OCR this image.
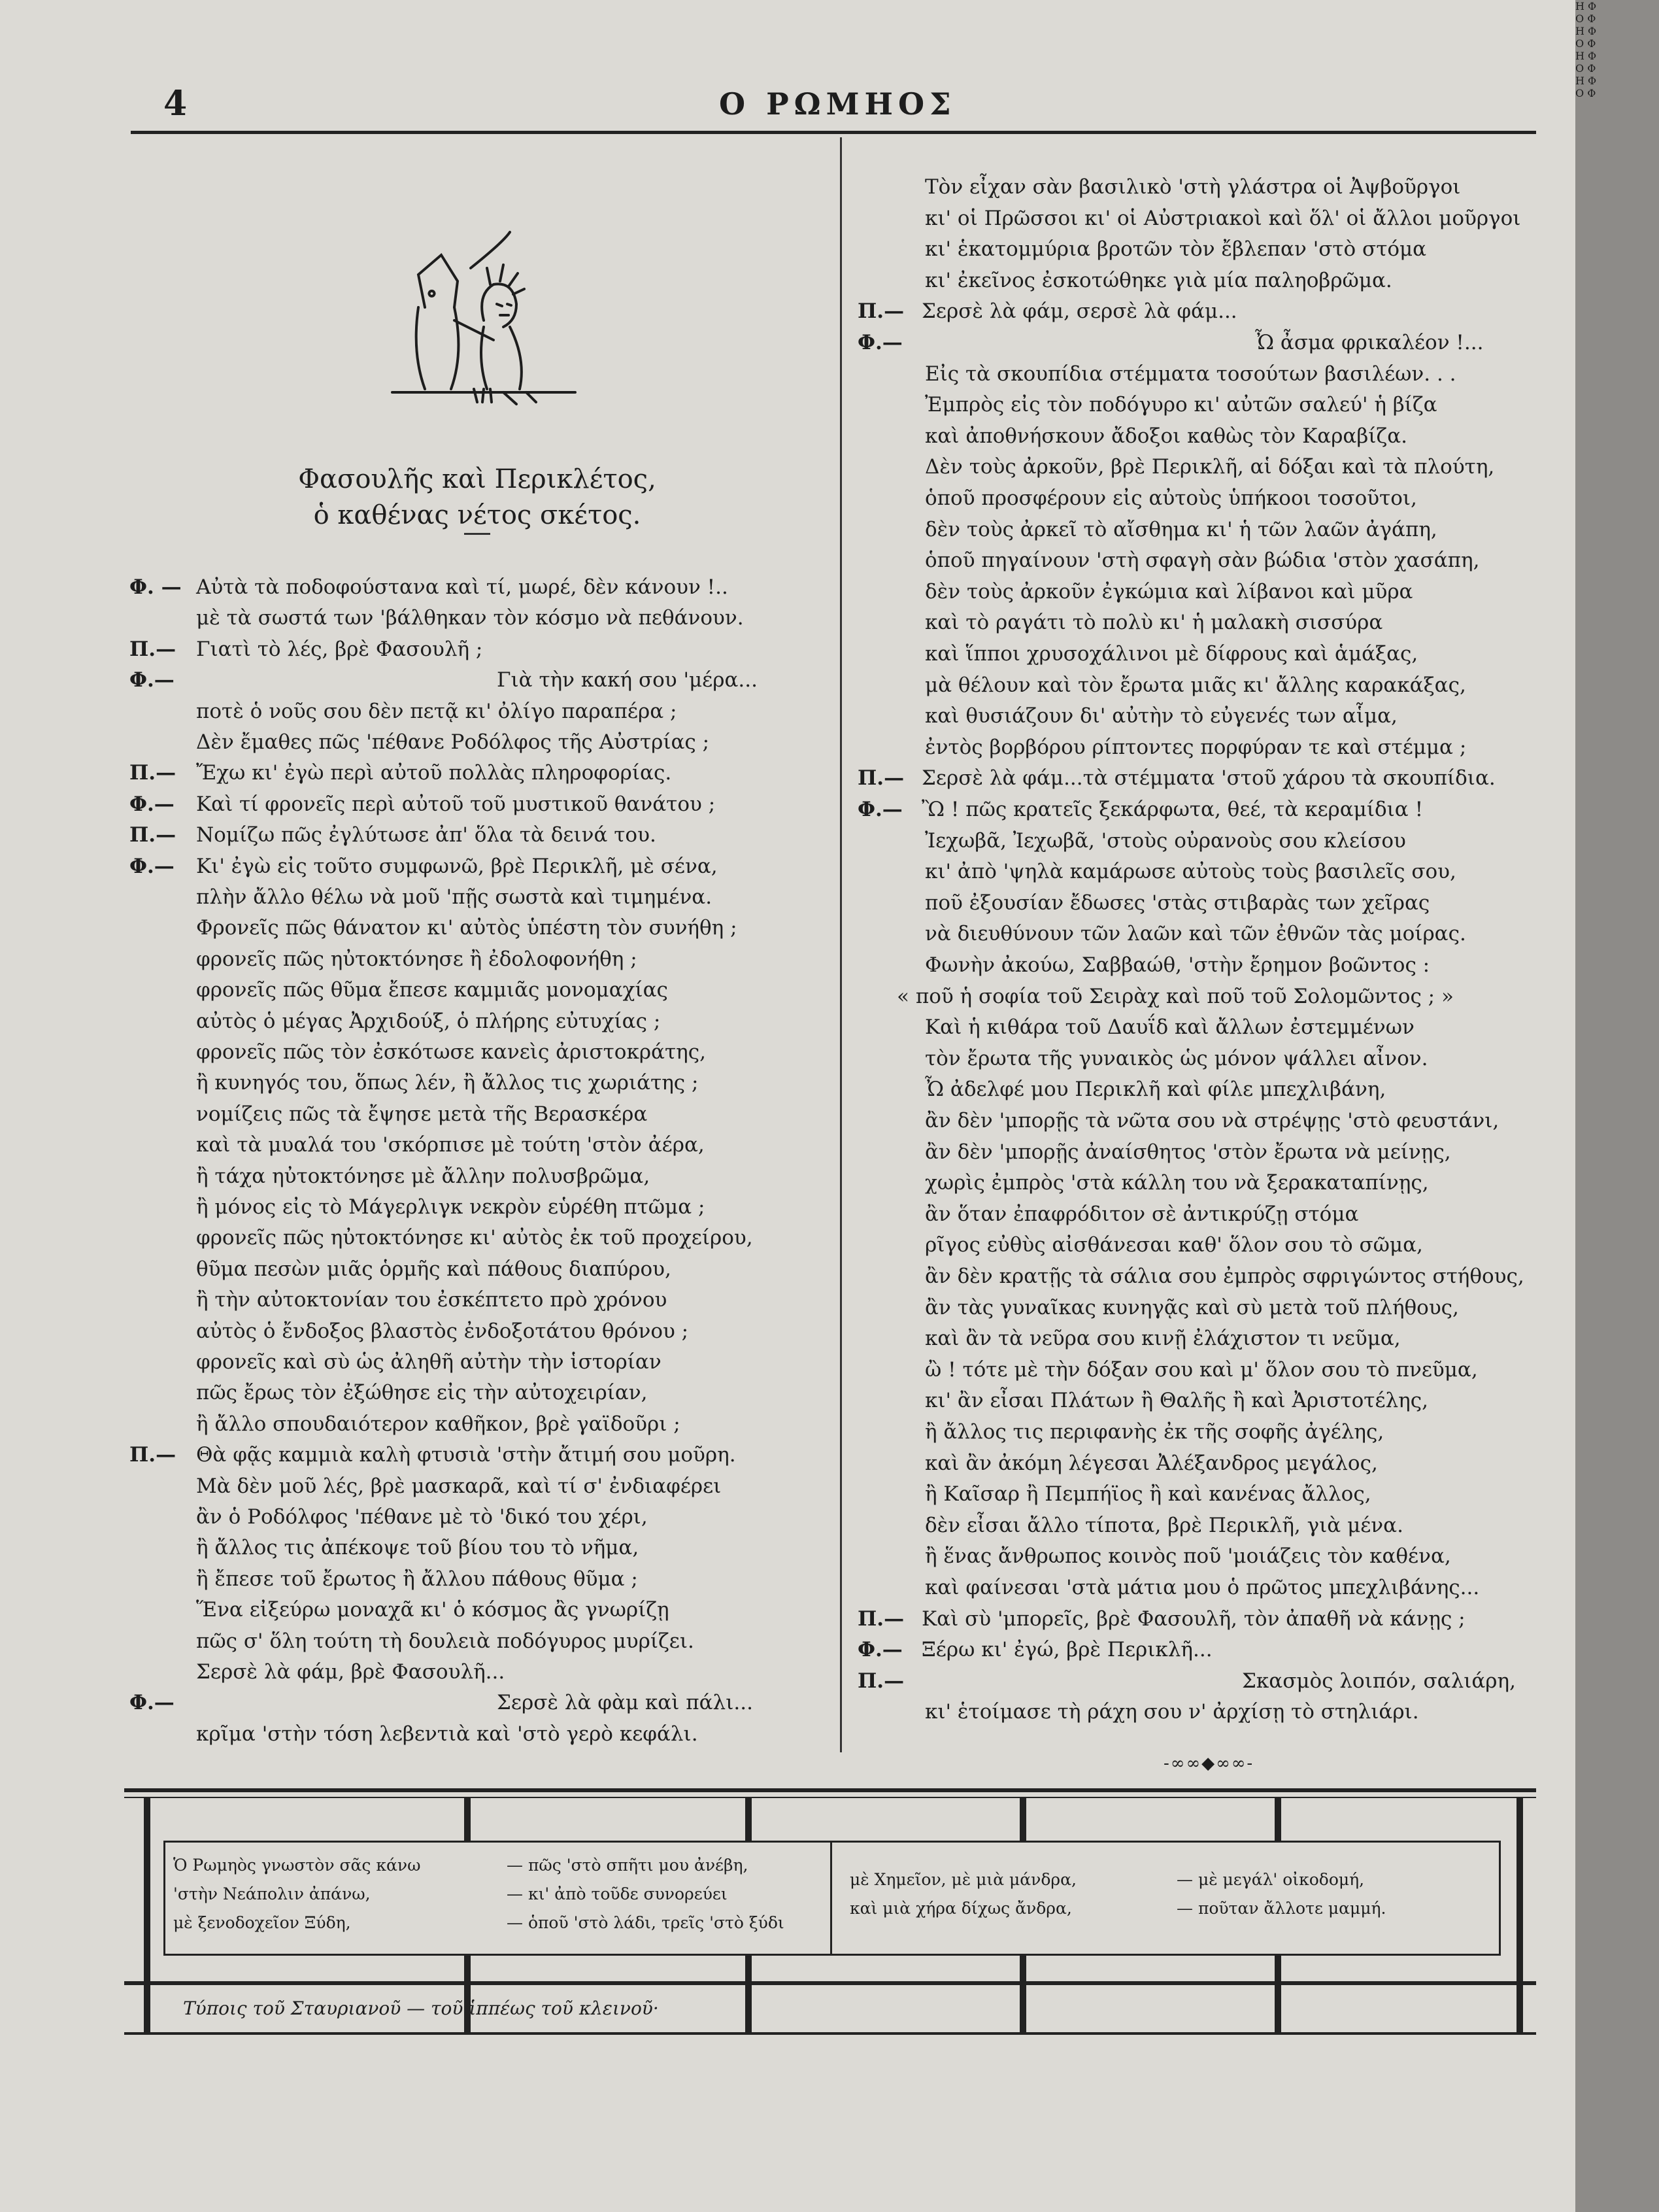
Η Φ
Ο Φ
Η Φ
Ο Φ
Η Φ
Ο Φ
Η Φ
Ο Φ
4	Ο ΡΩΜΗΟΣ
Φασουλῆς καὶ Περικλέτος,
ὁ καθένας νέτος σκέτος.
Φ. — Αὐτὰ τὰ ποδοφούστανα καὶ τί, μωρέ, δὲν κάνουν !..
μὲ τὰ σωστά των 'βάλθηκαν τὸν κόσμο νὰ πεθάνουν.
Π.— Γιατὶ τὸ λές, βρὲ Φασουλῆ ;
Φ.—	Γιὰ τὴν κακή σου 'μέρα...
ποτὲ ὁ νοῦς σου δὲν πετᾷ κι' ὀλίγο παραπέρα ;
Δὲν ἔμαθες πῶς 'πέθανε Ροδόλφος τῆς Αὐστρίας ;
Π.— Ἔχω κι' ἐγὼ περὶ αὐτοῦ πολλὰς πληροφορίας.
Φ.— Καὶ τί φρονεῖς περὶ αὐτοῦ τοῦ μυστικοῦ θανάτου ;
Π.— Νομίζω πῶς ἐγλύτωσε ἀπ' ὅλα τὰ δεινά του.
Φ.— Κι' ἐγὼ εἰς τοῦτο συμφωνῶ, βρὲ Περικλῆ, μὲ σένα,
πλὴν ἄλλο θέλω νὰ μοῦ 'πῇς σωστὰ καὶ τιμημένα.
Φρονεῖς πῶς θάνατον κι' αὐτὸς ὑπέστη τὸν συνήθη ;
φρονεῖς πῶς ηὐτοκτόνησε ἢ ἐδολοφονήθη ;
φρονεῖς πῶς θῦμα ἔπεσε καμμιᾶς μονομαχίας
αὐτὸς ὁ μέγας Ἀρχιδούξ, ὁ πλήρης εὐτυχίας ;
φρονεῖς πῶς τὸν ἐσκότωσε κανεὶς ἀριστοκράτης,
ἢ κυνηγός του, ὅπως λέν, ἢ ἄλλος τις χωριάτης ;
νομίζεις πῶς τὰ ἔψησε μετὰ τῆς Βερασκέρα
καὶ τὰ μυαλά του 'σκόρπισε μὲ τούτη 'στὸν ἀέρα,
ἢ τάχα ηὐτοκτόνησε μὲ ἄλλην πολυσβρῶμα,
ἢ μόνος εἰς τὸ Μάγερλιγκ νεκρὸν εὑρέθη πτῶμα ;
φρονεῖς πῶς ηὐτοκτόνησε κι' αὐτὸς ἐκ τοῦ προχείρου,
θῦμα πεσὼν μιᾶς ὁρμῆς καὶ πάθους διαπύρου,
ἢ τὴν αὐτοκτονίαν του ἐσκέπτετο πρὸ χρόνου
αὐτὸς ὁ ἔνδοξος βλαστὸς ἐνδοξοτάτου θρόνου ;
φρονεῖς καὶ σὺ ὡς ἀληθῆ αὐτὴν τὴν ἱστορίαν
πῶς ἔρως τὸν ἐξώθησε εἰς τὴν αὐτοχειρίαν,
ἢ ἄλλο σπουδαιότερον καθῆκον, βρὲ γαϊδοῦρι ;
Π.— Θὰ φᾷς καμμιὰ καλὴ φτυσιὰ 'στὴν ἄτιμή σου μοῦρη.
Μὰ δὲν μοῦ λές, βρὲ μασκαρᾶ, καὶ τί σ' ἐνδιαφέρει
ἂν ὁ Ροδόλφος 'πέθανε μὲ τὸ 'δικό του χέρι,
ἢ ἄλλος τις ἀπέκοψε τοῦ βίου του τὸ νῆμα,
ἢ ἔπεσε τοῦ ἔρωτος ἢ ἄλλου πάθους θῦμα ;
Ἕνα εἰξεύρω μοναχᾶ κι' ὁ κόσμος ἂς γνωρίζῃ
πῶς σ' ὅλη τούτη τὴ δουλειὰ ποδόγυρος μυρίζει.
Σερσὲ λὰ φάμ, βρὲ Φασουλῆ...
Φ.—	Σερσὲ λὰ φὰμ καὶ πάλι...
κρῖμα 'στὴν τόση λεβεντιὰ καὶ 'στὸ γερὸ κεφάλι.
Τὸν εἶχαν σὰν βασιλικὸ 'στὴ γλάστρα οἱ Ἀψβοῦργοι
κι' οἱ Πρῶσσοι κι' οἱ Αὐστριακοὶ καὶ ὅλ' οἱ ἄλλοι μοῦργοι
κι' ἑκατομμύρια βροτῶν τὸν ἔβλεπαν 'στὸ στόμα
κι' ἐκεῖνος ἐσκοτώθηκε γιὰ μία παληοβρῶμα.
Π.— Σερσὲ λὰ φάμ, σερσὲ λὰ φάμ...
Φ.—	Ὦ ἆσμα φρικαλέον !...
Εἰς τὰ σκουπίδια στέμματα τοσούτων βασιλέων. . .
Ἐμπρὸς εἰς τὸν ποδόγυρο κι' αὐτῶν σαλεύ' ἡ βίζα
καὶ ἀποθνήσκουν ἄδοξοι καθὼς τὸν Καραβίζα.
Δὲν τοὺς ἀρκοῦν, βρὲ Περικλῆ, αἱ δόξαι καὶ τὰ πλούτη,
ὁποῦ προσφέρουν εἰς αὐτοὺς ὑπήκοοι τοσοῦτοι,
δὲν τοὺς ἀρκεῖ τὸ αἴσθημα κι' ἡ τῶν λαῶν ἀγάπη,
ὁποῦ πηγαίνουν 'στὴ σφαγὴ σὰν βώδια 'στὸν χασάπη,
δὲν τοὺς ἀρκοῦν ἐγκώμια καὶ λίβανοι καὶ μῦρα
καὶ τὸ ραγάτι τὸ πολὺ κι' ἡ μαλακὴ σισσύρα
καὶ ἵπποι χρυσοχάλινοι μὲ δίφρους καὶ ἁμάξας,
μὰ θέλουν καὶ τὸν ἔρωτα μιᾶς κι' ἄλλης καρακάξας,
καὶ θυσιάζουν δι' αὐτὴν τὸ εὐγενές των αἷμα,
ἐντὸς βορβόρου ρίπτοντες πορφύραν τε καὶ στέμμα ;
Π.— Σερσὲ λὰ φάμ...τὰ στέμματα 'στοῦ χάρου τὰ σκουπίδια.
Φ.— Ὢ ! πῶς κρατεῖς ξεκάρφωτα, θεέ, τὰ κεραμίδια !
Ἰεχωβᾶ, Ἰεχωβᾶ, 'στοὺς οὐρανοὺς σου κλείσου
κι' ἀπὸ 'ψηλὰ καμάρωσε αὐτοὺς τοὺς βασιλεῖς σου,
ποῦ ἐξουσίαν ἔδωσες 'στὰς στιβαρὰς των χεῖρας
νὰ διευθύνουν τῶν λαῶν καὶ τῶν ἐθνῶν τὰς μοίρας.
Φωνὴν ἀκούω, Σαββαώθ, 'στὴν ἔρημον βοῶντος :
« ποῦ ἡ σοφία τοῦ Σειρὰχ καὶ ποῦ τοῦ Σολομῶντος ; »
Καὶ ἡ κιθάρα τοῦ Δαυΐδ καὶ ἄλλων ἐστεμμένων
τὸν ἔρωτα τῆς γυναικὸς ὡς μόνον ψάλλει αἶνον.
Ὦ ἀδελφέ μου Περικλῆ καὶ φίλε μπεχλιβάνη,
ἂν δὲν 'μπορῇς τὰ νῶτα σου νὰ στρέψῃς 'στὸ φευστάνι,
ἂν δὲν 'μπορῇς ἀναίσθητος 'στὸν ἔρωτα νὰ μείνῃς,
χωρὶς ἐμπρὸς 'στὰ κάλλη του νὰ ξερακαταπίνῃς,
ἂν ὅταν ἐπαφρόδιτον σὲ ἀντικρύζῃ στόμα
ρῖγος εὐθὺς αἰσθάνεσαι καθ' ὅλον σου τὸ σῶμα,
ἂν δὲν κρατῇς τὰ σάλια σου ἐμπρὸς σφριγώντος στήθους,
ἂν τὰς γυναῖκας κυνηγᾷς καὶ σὺ μετὰ τοῦ πλήθους,
καὶ ἂν τὰ νεῦρα σου κινῇ ἐλάχιστον τι νεῦμα,
ὢ ! τότε μὲ τὴν δόξαν σου καὶ μ' ὅλον σου τὸ πνεῦμα,
κι' ἂν εἶσαι Πλάτων ἢ Θαλῆς ἢ καὶ Ἀριστοτέλης,
ἢ ἄλλος τις περιφανὴς ἐκ τῆς σοφῆς ἀγέλης,
καὶ ἂν ἀκόμη λέγεσαι Ἀλέξανδρος μεγάλος,
ἢ Καῖσαρ ἢ Πεμπήϊος ἢ καὶ κανένας ἄλλος,
δὲν εἶσαι ἄλλο τίποτα, βρὲ Περικλῆ, γιὰ μένα.
ἢ ἕνας ἄνθρωπος κοινὸς ποῦ 'μοιάζεις τὸν καθένα,
καὶ φαίνεσαι 'στὰ μάτια μου ὁ πρῶτος μπεχλιβάνης...
Π.— Καὶ σὺ 'μπορεῖς, βρὲ Φασουλῆ, τὸν ἀπαθῆ νὰ κάνῃς ;
Φ.— Ξέρω κι' ἐγώ, βρὲ Περικλῆ...
Π.—	Σκασμὸς λοιπόν, σαλιάρη,
κι' ἑτοίμασε τὴ ράχη σου ν' ἀρχίσῃ τὸ στηλιάρι.
-∞∞◆∞∞-
Ὁ Ρωμηὸς γνωστὸν σᾶς κάνω	— πῶς 'στὸ σπῆτι μου ἀνέβη,
'στὴν Νεάπολιν ἀπάνω,	— κι' ἀπὸ τοῦδε συνορεύει
μὲ ξενοδοχεῖον Ξύδη,	— ὁποῦ 'στὸ λάδι, τρεῖς 'στὸ ξύδι
μὲ Χημεῖον, μὲ μιὰ μάνδρα,	— μὲ μεγάλ' οἰκοδομή,
καὶ μιὰ χήρα δίχως ἄνδρα,	— ποῦταν ἄλλοτε μαμμή.
Τύποις τοῦ Σταυριανοῦ — τοῦ ἱππέως τοῦ κλεινοῦ·
